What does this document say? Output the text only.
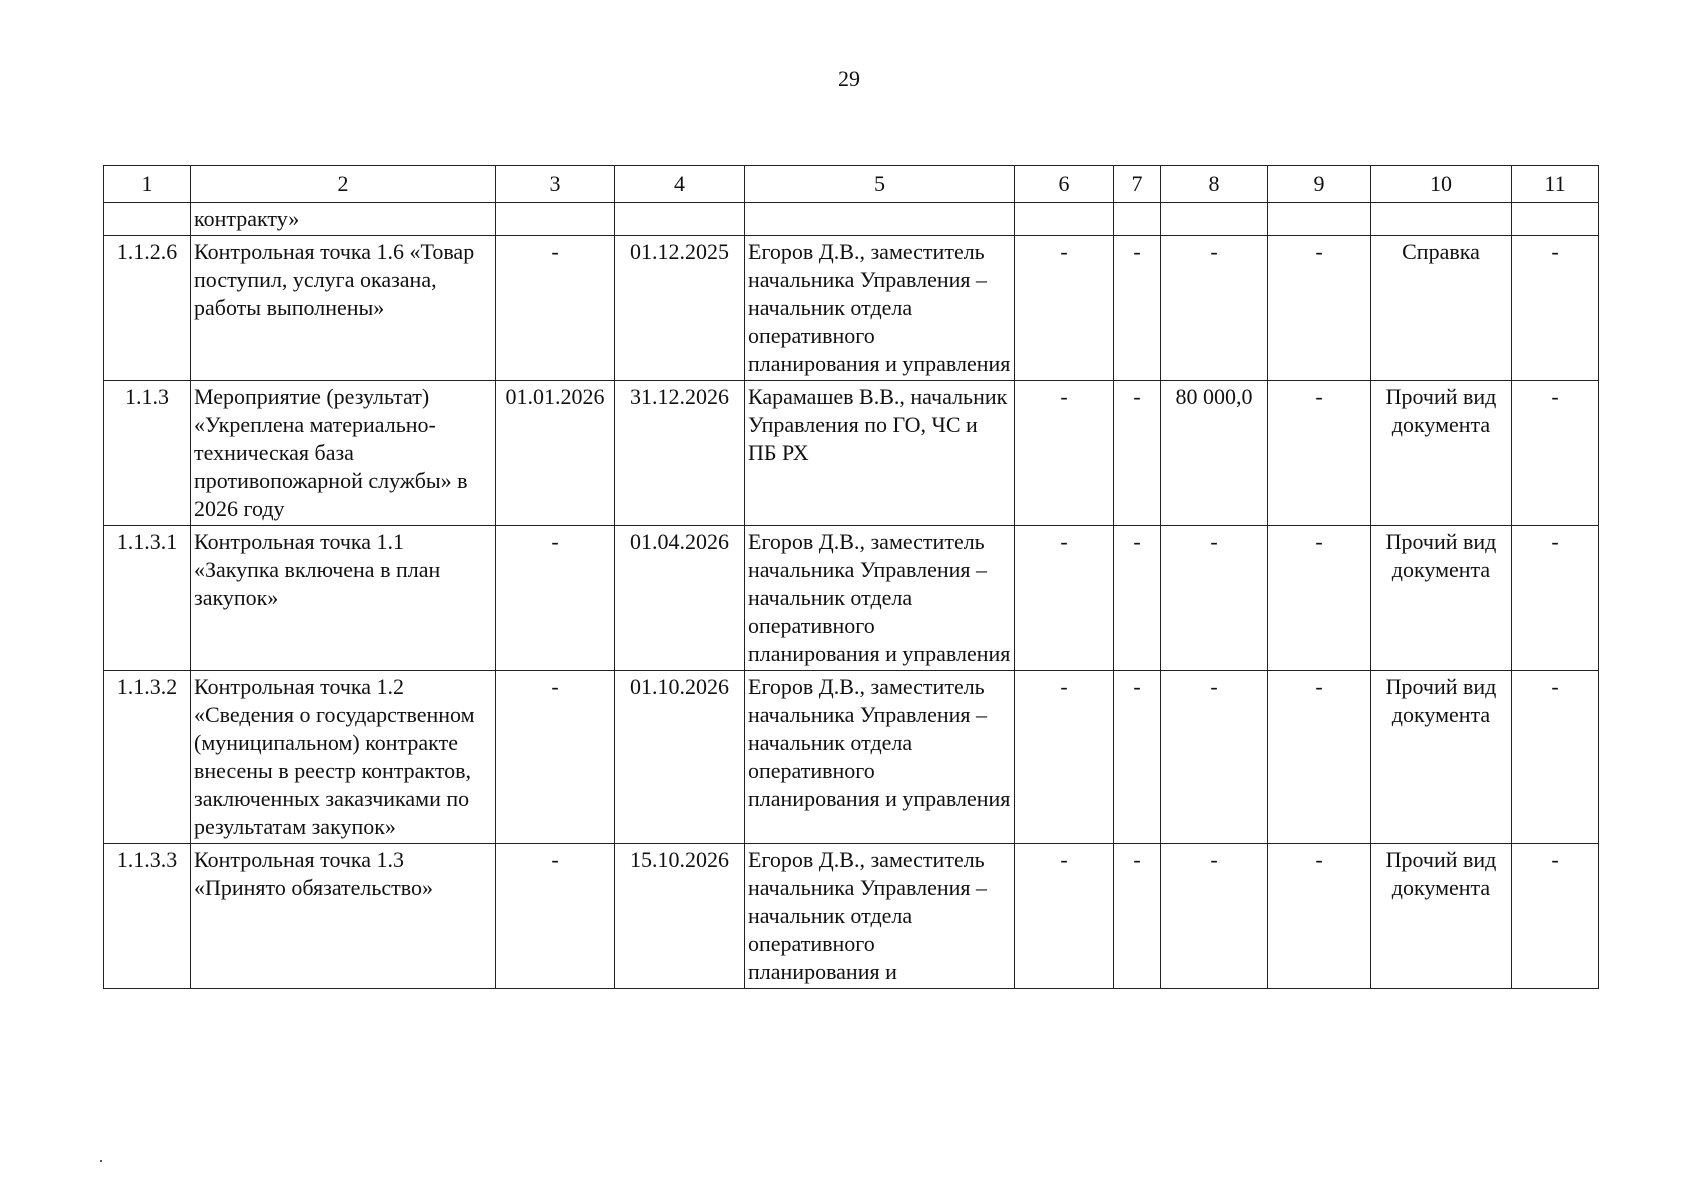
29
1	2	3	4	5	6	7	8	9	10	11
	контракту»									
1.1.2.6	Контрольная точка 1.6 «Товар поступил, услуга оказана, работы выполнены»	-	01.12.2025	Егоров Д.В., заместитель начальника Управления – начальник отдела оперативного планирования и управления	-	-	-	-	Справка	-
1.1.3	Мероприятие (результат) «Укреплена материально-техническая база противопожарной службы» в 2026 году	01.01.2026	31.12.2026	Карамашев В.В., начальник Управления по ГО, ЧС и ПБ РХ	-	-	80 000,0	-	Прочий вид документа	-
1.1.3.1	Контрольная точка 1.1 «Закупка включена в план закупок»	-	01.04.2026	Егоров Д.В., заместитель начальника Управления – начальник отдела оперативного планирования и управления	-	-	-	-	Прочий вид документа	-
1.1.3.2	Контрольная точка 1.2 «Сведения о государственном (муниципальном) контракте внесены в реестр контрактов, заключенных заказчиками по результатам закупок»	-	01.10.2026	Егоров Д.В., заместитель начальника Управления – начальник отдела оперативного планирования и управления	-	-	-	-	Прочий вид документа	-
1.1.3.3	Контрольная точка 1.3 «Принято обязательство»	-	15.10.2026	Егоров Д.В., заместитель начальника Управления – начальник отдела оперативного планирования и	-	-	-	-	Прочий вид документа	-
